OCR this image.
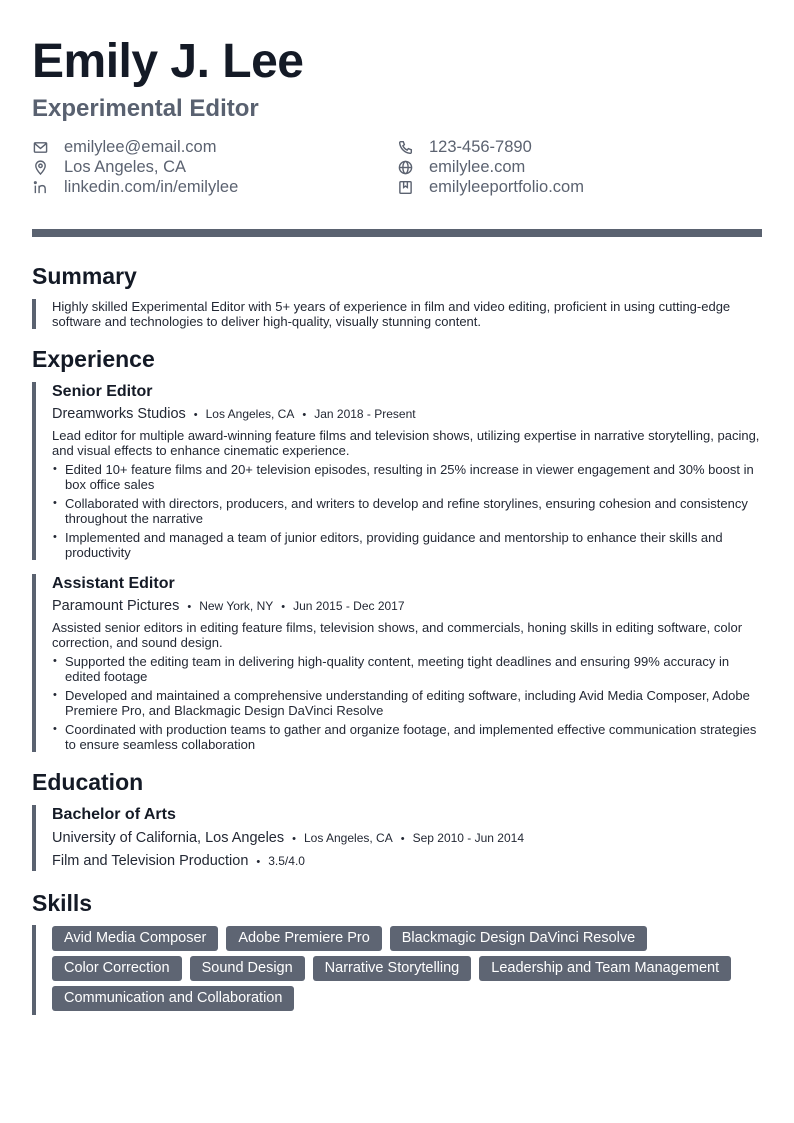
Emily J. Lee
Experimental Editor
emilylee@email.com	123-456-7890
Los Angeles, CA	emilylee.com
linkedin.com/in/emilylee	emilyleeportfolio.com
Summary
Highly skilled Experimental Editor with 5+ years of experience in film and video editing, proficient in using cutting-edge software and technologies to deliver high-quality, visually stunning content.
Experience
Senior Editor
Dreamworks Studios • Los Angeles, CA • Jan 2018 - Present
Lead editor for multiple award-winning feature films and television shows, utilizing expertise in narrative storytelling, pacing, and visual effects to enhance cinematic experience.
• Edited 10+ feature films and 20+ television episodes, resulting in 25% increase in viewer engagement and 30% boost in box office sales
• Collaborated with directors, producers, and writers to develop and refine storylines, ensuring cohesion and consistency throughout the narrative
• Implemented and managed a team of junior editors, providing guidance and mentorship to enhance their skills and productivity
Assistant Editor
Paramount Pictures • New York, NY • Jun 2015 - Dec 2017
Assisted senior editors in editing feature films, television shows, and commercials, honing skills in editing software, color correction, and sound design.
• Supported the editing team in delivering high-quality content, meeting tight deadlines and ensuring 99% accuracy in edited footage
• Developed and maintained a comprehensive understanding of editing software, including Avid Media Composer, Adobe Premiere Pro, and Blackmagic Design DaVinci Resolve
• Coordinated with production teams to gather and organize footage, and implemented effective communication strategies to ensure seamless collaboration
Education
Bachelor of Arts
University of California, Los Angeles • Los Angeles, CA • Sep 2010 - Jun 2014
Film and Television Production • 3.5/4.0
Skills
Avid Media Composer	Adobe Premiere Pro	Blackmagic Design DaVinci Resolve
Color Correction	Sound Design	Narrative Storytelling	Leadership and Team Management
Communication and Collaboration
